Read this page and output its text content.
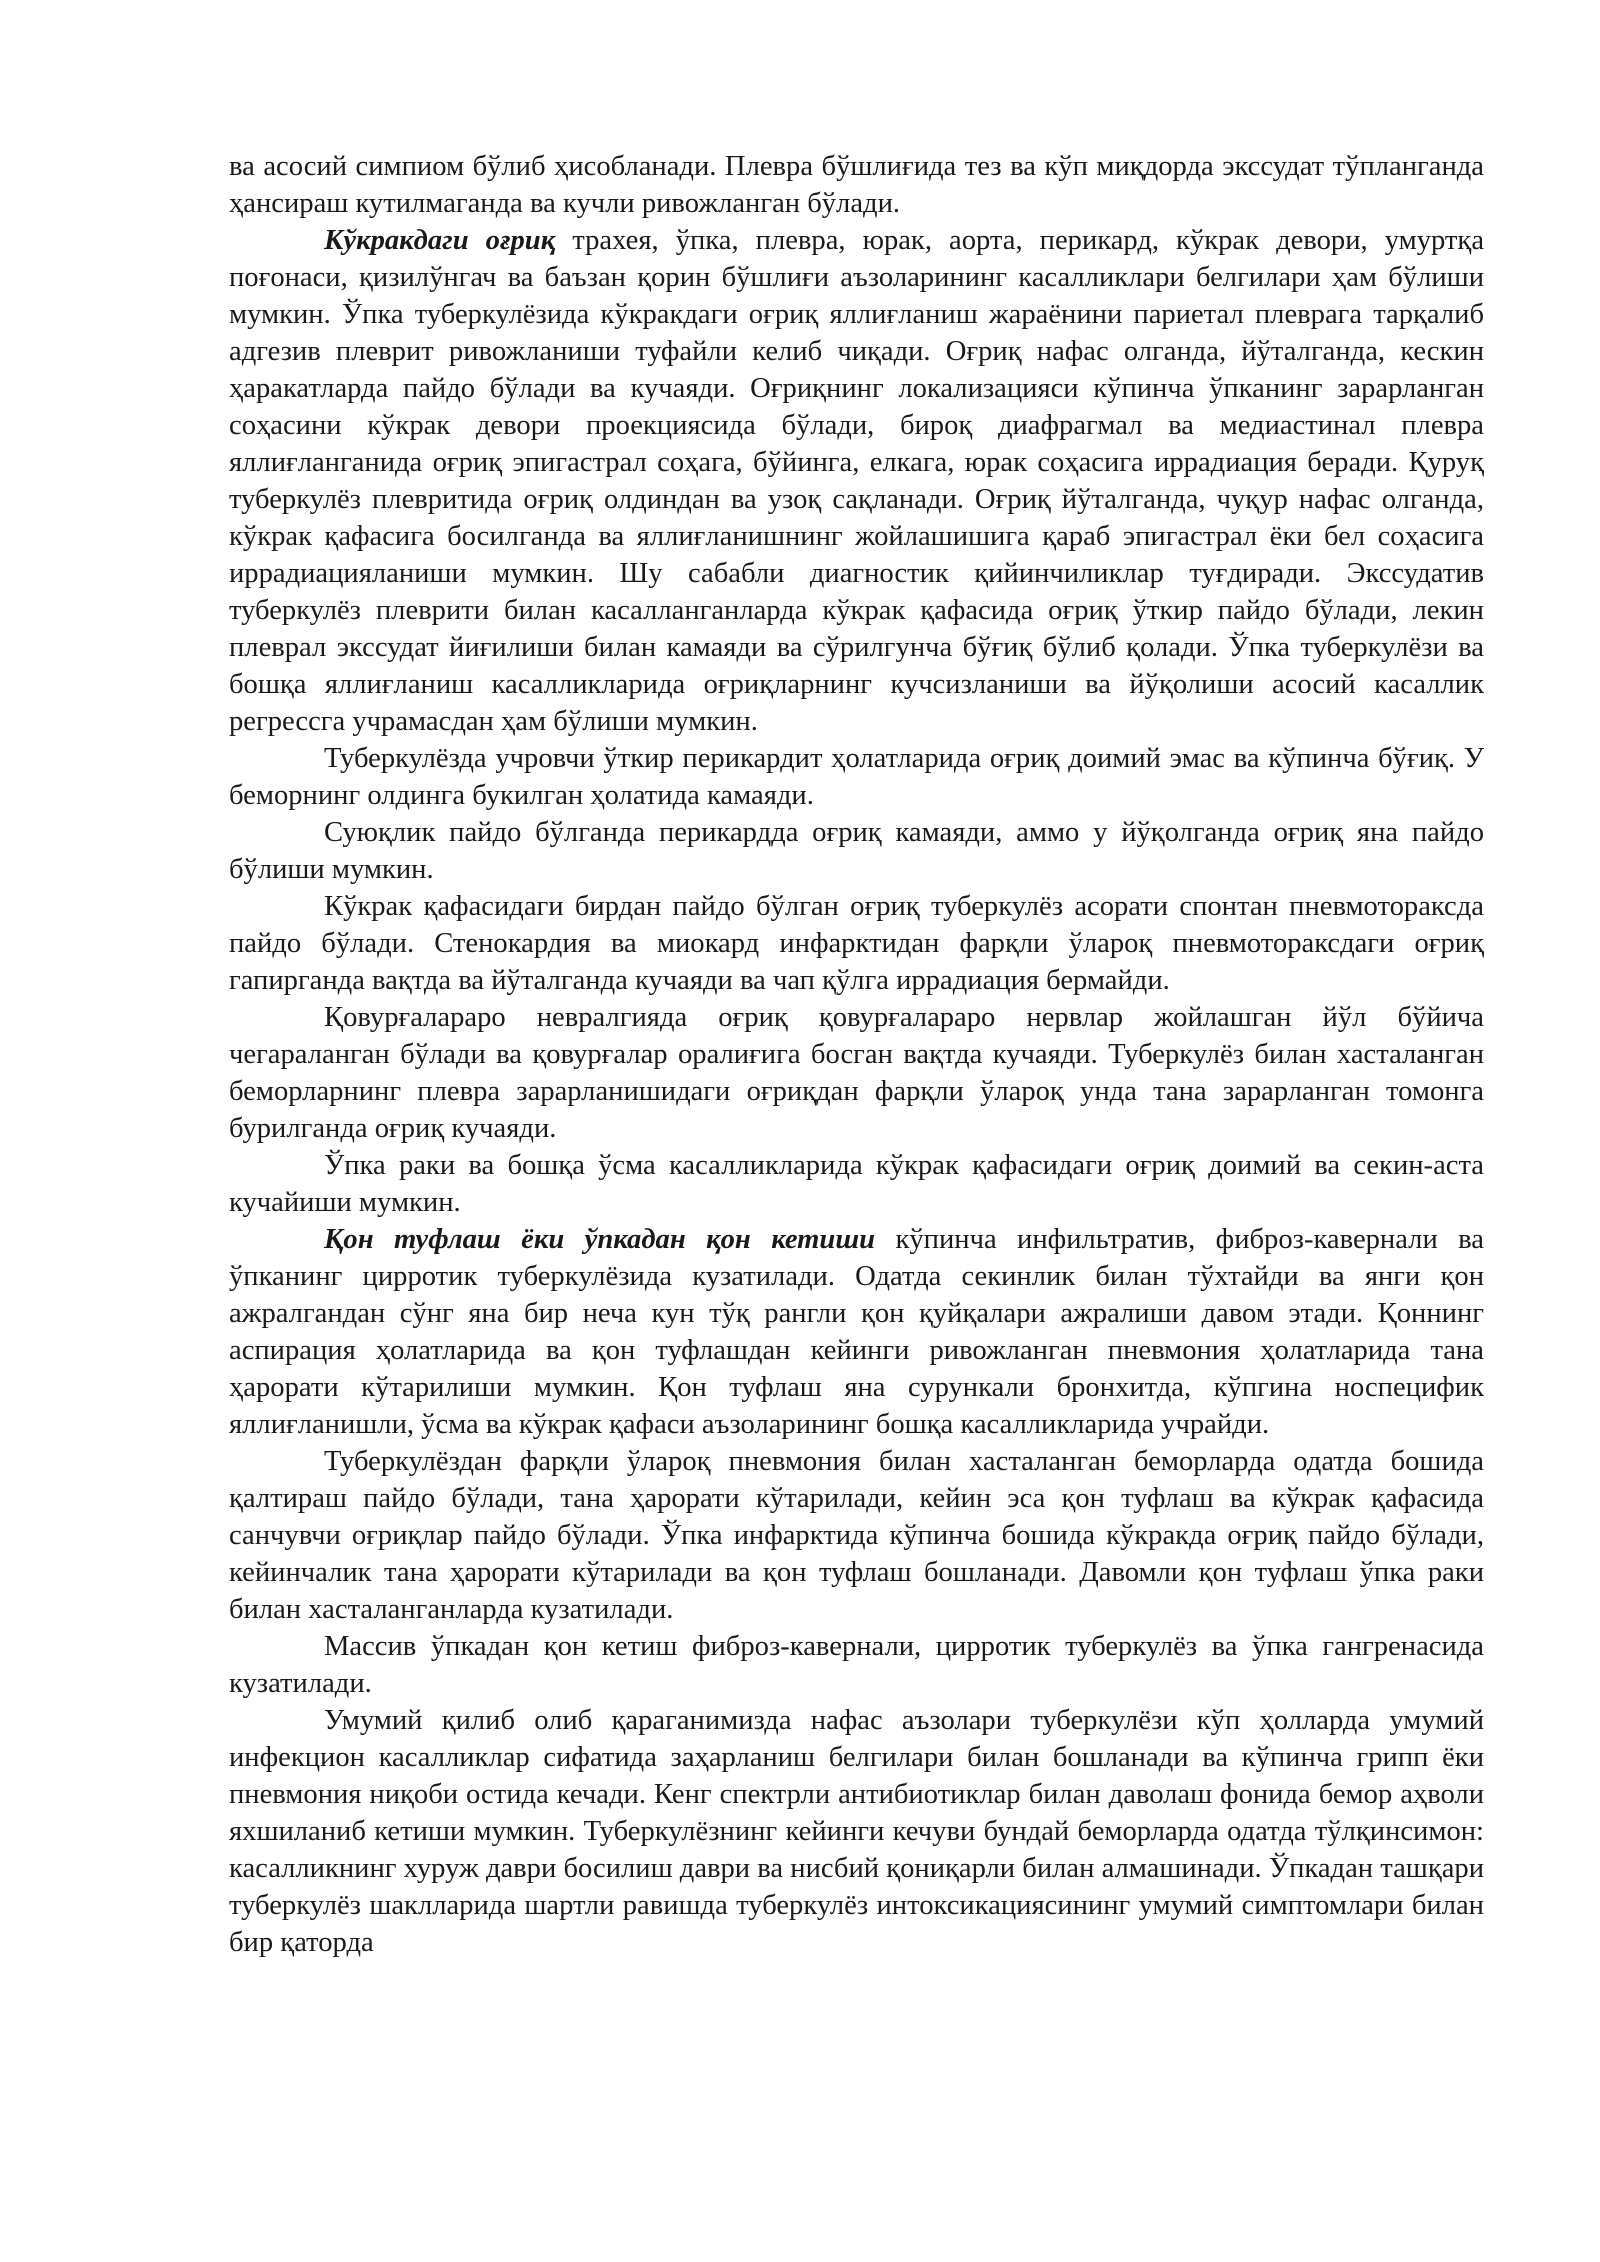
ва асосий симпиом бўлиб ҳисобланади. Плевра бўшлиғида тез ва кўп миқдорда экссудат тўпланганда ҳансираш кутилмаганда ва кучли ривожланган бўлади.

Кўкракдаги оғриқ трахея, ўпка, плевра, юрак, аорта, перикард, кўкрак девори, умуртқа поғонаси, қизилўнгач ва баъзан қорин бўшлиғи аъзоларининг касалликлари белгилари ҳам бўлиши мумкин. Ўпка туберкулёзида кўкракдаги оғриқ яллиғланиш жараёнини париетал плеврага тарқалиб адгезив плеврит ривожланиши туфайли келиб чиқади. Оғриқ нафас олганда, йўталганда, кескин ҳаракатларда пайдо бўлади ва кучаяди. Оғриқнинг локализацияси кўпинча ўпканинг зарарланган соҳасини кўкрак девори проекциясида бўлади, бироқ диафрагмал ва медиастинал плевра яллиғланганида оғриқ эпигастрал соҳага, бўйинга, елкага, юрак соҳасига иррадиация беради. Қуруқ туберкулёз плевритида оғриқ олдиндан ва узоқ сақланади. Оғриқ йўталганда, чуқур нафас олганда, кўкрак қафасига босилганда ва яллиғланишнинг жойлашишига қараб эпигастрал ёки бел соҳасига иррадиацияланиши мумкин. Шу сабабли диагностик қийинчиликлар туғдиради. Экссудатив туберкулёз плеврити билан касалланганларда кўкрак қафасида оғриқ ўткир пайдо бўлади, лекин плеврал экссудат йиғилиши билан камаяди ва сўрилгунча бўғиқ бўлиб қолади. Ўпка туберкулёзи ва бошқа яллиғланиш касалликларида оғриқларнинг кучсизланиши ва йўқолиши асосий касаллик регрессга учрамасдан ҳам бўлиши мумкин.

Туберкулёзда учровчи ўткир перикардит ҳолатларида оғриқ доимий эмас ва кўпинча бўғиқ. У беморнинг олдинга букилган ҳолатида камаяди.

Суюқлик пайдо бўлганда перикардда оғриқ камаяди, аммо у йўқолганда оғриқ яна пайдо бўлиши мумкин.

Кўкрак қафасидаги бирдан пайдо бўлган оғриқ туберкулёз асорати спонтан пневмотораксда пайдо бўлади. Стенокардия ва миокард инфарктидан фарқли ўлароқ пневмотораксдаги оғриқ гапирганда вақтда ва йўталганда кучаяди ва чап қўлга иррадиация бермайди.

Қовурғалараро невралгияда оғриқ қовурғалараро нервлар жойлашган йўл бўйича чегараланган бўлади ва қовурғалар оралиғига босган вақтда кучаяди. Туберкулёз билан хасталанган беморларнинг плевра зарарланишидаги оғриқдан фарқли ўлароқ унда тана зарарланган томонга бурилганда оғриқ кучаяди.

Ўпка раки ва бошқа ўсма касалликларида кўкрак қафасидаги оғриқ доимий ва секин-аста кучайиши мумкин.

Қон туфлаш ёки ўпкадан қон кетиши кўпинча инфильтратив, фиброз-кавернали ва ўпканинг цирротик туберкулёзида кузатилади. Одатда секинлик билан тўхтайди ва янги қон ажралгандан сўнг яна бир неча кун тўқ рангли қон қуйқалари ажралиши давом этади. Қоннинг аспирация ҳолатларида ва қон туфлашдан кейинги ривожланган пневмония ҳолатларида тана ҳарорати кўтарилиши мумкин. Қон туфлаш яна сурункали бронхитда, кўпгина носпецифик яллиғланишли, ўсма ва кўкрак қафаси аъзоларининг бошқа касалликларида учрайди.

Туберкулёздан фарқли ўлароқ пневмония билан хасталанган беморларда одатда бошида қалтираш пайдо бўлади, тана ҳарорати кўтарилади, кейин эса қон туфлаш ва кўкрак қафасида санчувчи оғриқлар пайдо бўлади. Ўпка инфарктида кўпинча бошида кўкракда оғриқ пайдо бўлади, кейинчалик тана ҳарорати кўтарилади ва қон туфлаш бошланади. Давомли қон туфлаш ўпка раки билан хасталанганларда кузатилади.

Массив ўпкадан қон кетиш фиброз-кавернали, цирротик туберкулёз ва ўпка гангренасида кузатилади.

Умумий қилиб олиб қараганимизда нафас аъзолари туберкулёзи кўп ҳолларда умумий инфекцион касалликлар сифатида заҳарланиш белгилари билан бошланади ва кўпинча грипп ёки пневмония ниқоби остида кечади. Кенг спектрли антибиотиклар билан даволаш фонида бемор аҳволи яхшиланиб кетиши мумкин. Туберкулёзнинг кейинги кечуви бундай беморларда одатда тўлқинсимон: касалликнинг хуруж даври босилиш даври ва нисбий қониқарли билан алмашинади. Ўпкадан ташқари туберкулёз шаклларида шартли равишда туберкулёз интоксикациясининг умумий симптомлари билан бир қаторда
